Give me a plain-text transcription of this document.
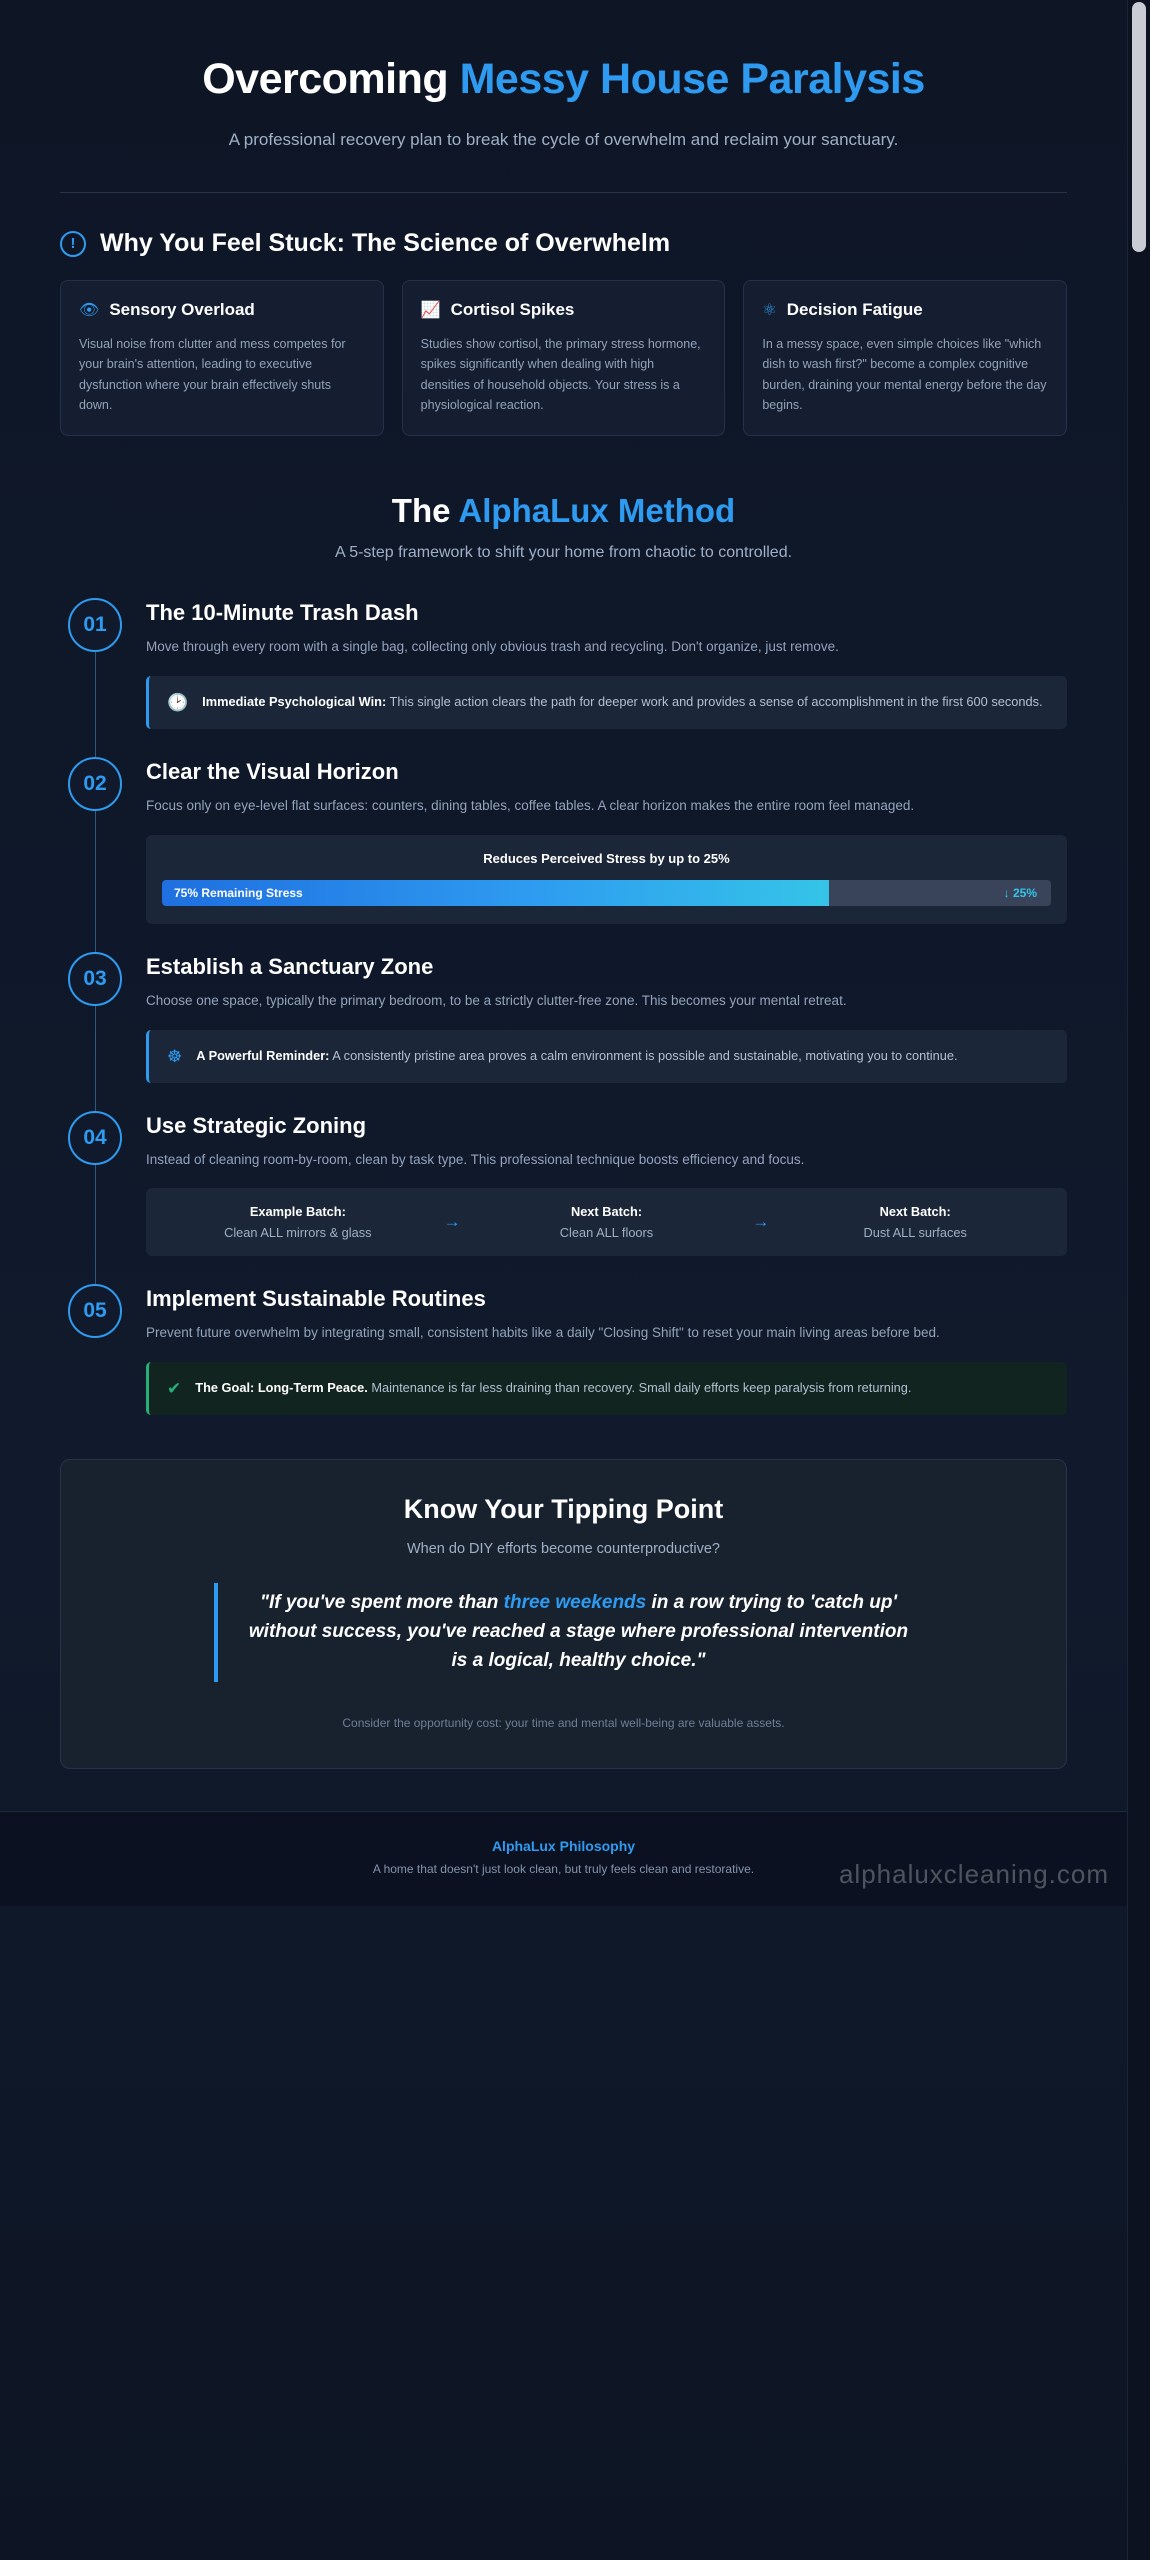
Overcoming Messy House Paralysis

A professional recovery plan to break the cycle of overwhelm and reclaim your sanctuary.

! Why You Feel Stuck: The Science of Overwhelm
👁 Sensory Overload
Visual noise from clutter and mess competes for your brain's attention, leading to executive dysfunction where your brain effectively shuts down.
📈 Cortisol Spikes
Studies show cortisol, the primary stress hormone, spikes significantly when dealing with high densities of household objects. Your stress is a physiological reaction.
⚛ Decision Fatigue
In a messy space, even simple choices like "which dish to wash first?" become a complex cognitive burden, draining your mental energy before the day begins.
The AlphaLux Method

A 5-step framework to shift your home from chaotic to controlled.

01	The 10-Minute Trash Dash
Move through every room with a single bag, collecting only obvious trash and recycling. Don't organize, just remove.
🕑 Immediate Psychological Win: This single action clears the path for deeper work and provides a sense of accomplishment in the first 600 seconds.
02	Clear the Visual Horizon
Focus only on eye-level flat surfaces: counters, dining tables, coffee tables. A clear horizon makes the entire room feel managed.
Reduces Perceived Stress by up to 25%
75% Remaining Stress	↓ 25%
03	Establish a Sanctuary Zone
Choose one space, typically the primary bedroom, to be a strictly clutter-free zone. This becomes your mental retreat.
☸ A Powerful Reminder: A consistently pristine area proves a calm environment is possible and sustainable, motivating you to continue.
04	Use Strategic Zoning
Instead of cleaning room-by-room, clean by task type. This professional technique boosts efficiency and focus.
Example Batch:
Clean ALL mirrors & glass
→
Next Batch:
Clean ALL floors
→
Next Batch:
Dust ALL surfaces
05	Implement Sustainable Routines
Prevent future overwhelm by integrating small, consistent habits like a daily "Closing Shift" to reset your main living areas before bed.
✔ The Goal: Long-Term Peace. Maintenance is far less draining than recovery. Small daily efforts keep paralysis from returning.
Know Your Tipping Point

When do DIY efforts become counterproductive?

"If you've spent more than three weekends in a row trying to 'catch up' without success, you've reached a stage where professional intervention is a logical, healthy choice."

Consider the opportunity cost: your time and mental well-being are valuable assets.

AlphaLux Philosophy
A home that doesn't just look clean, but truly feels clean and restorative.	alphaluxcleaning.com
